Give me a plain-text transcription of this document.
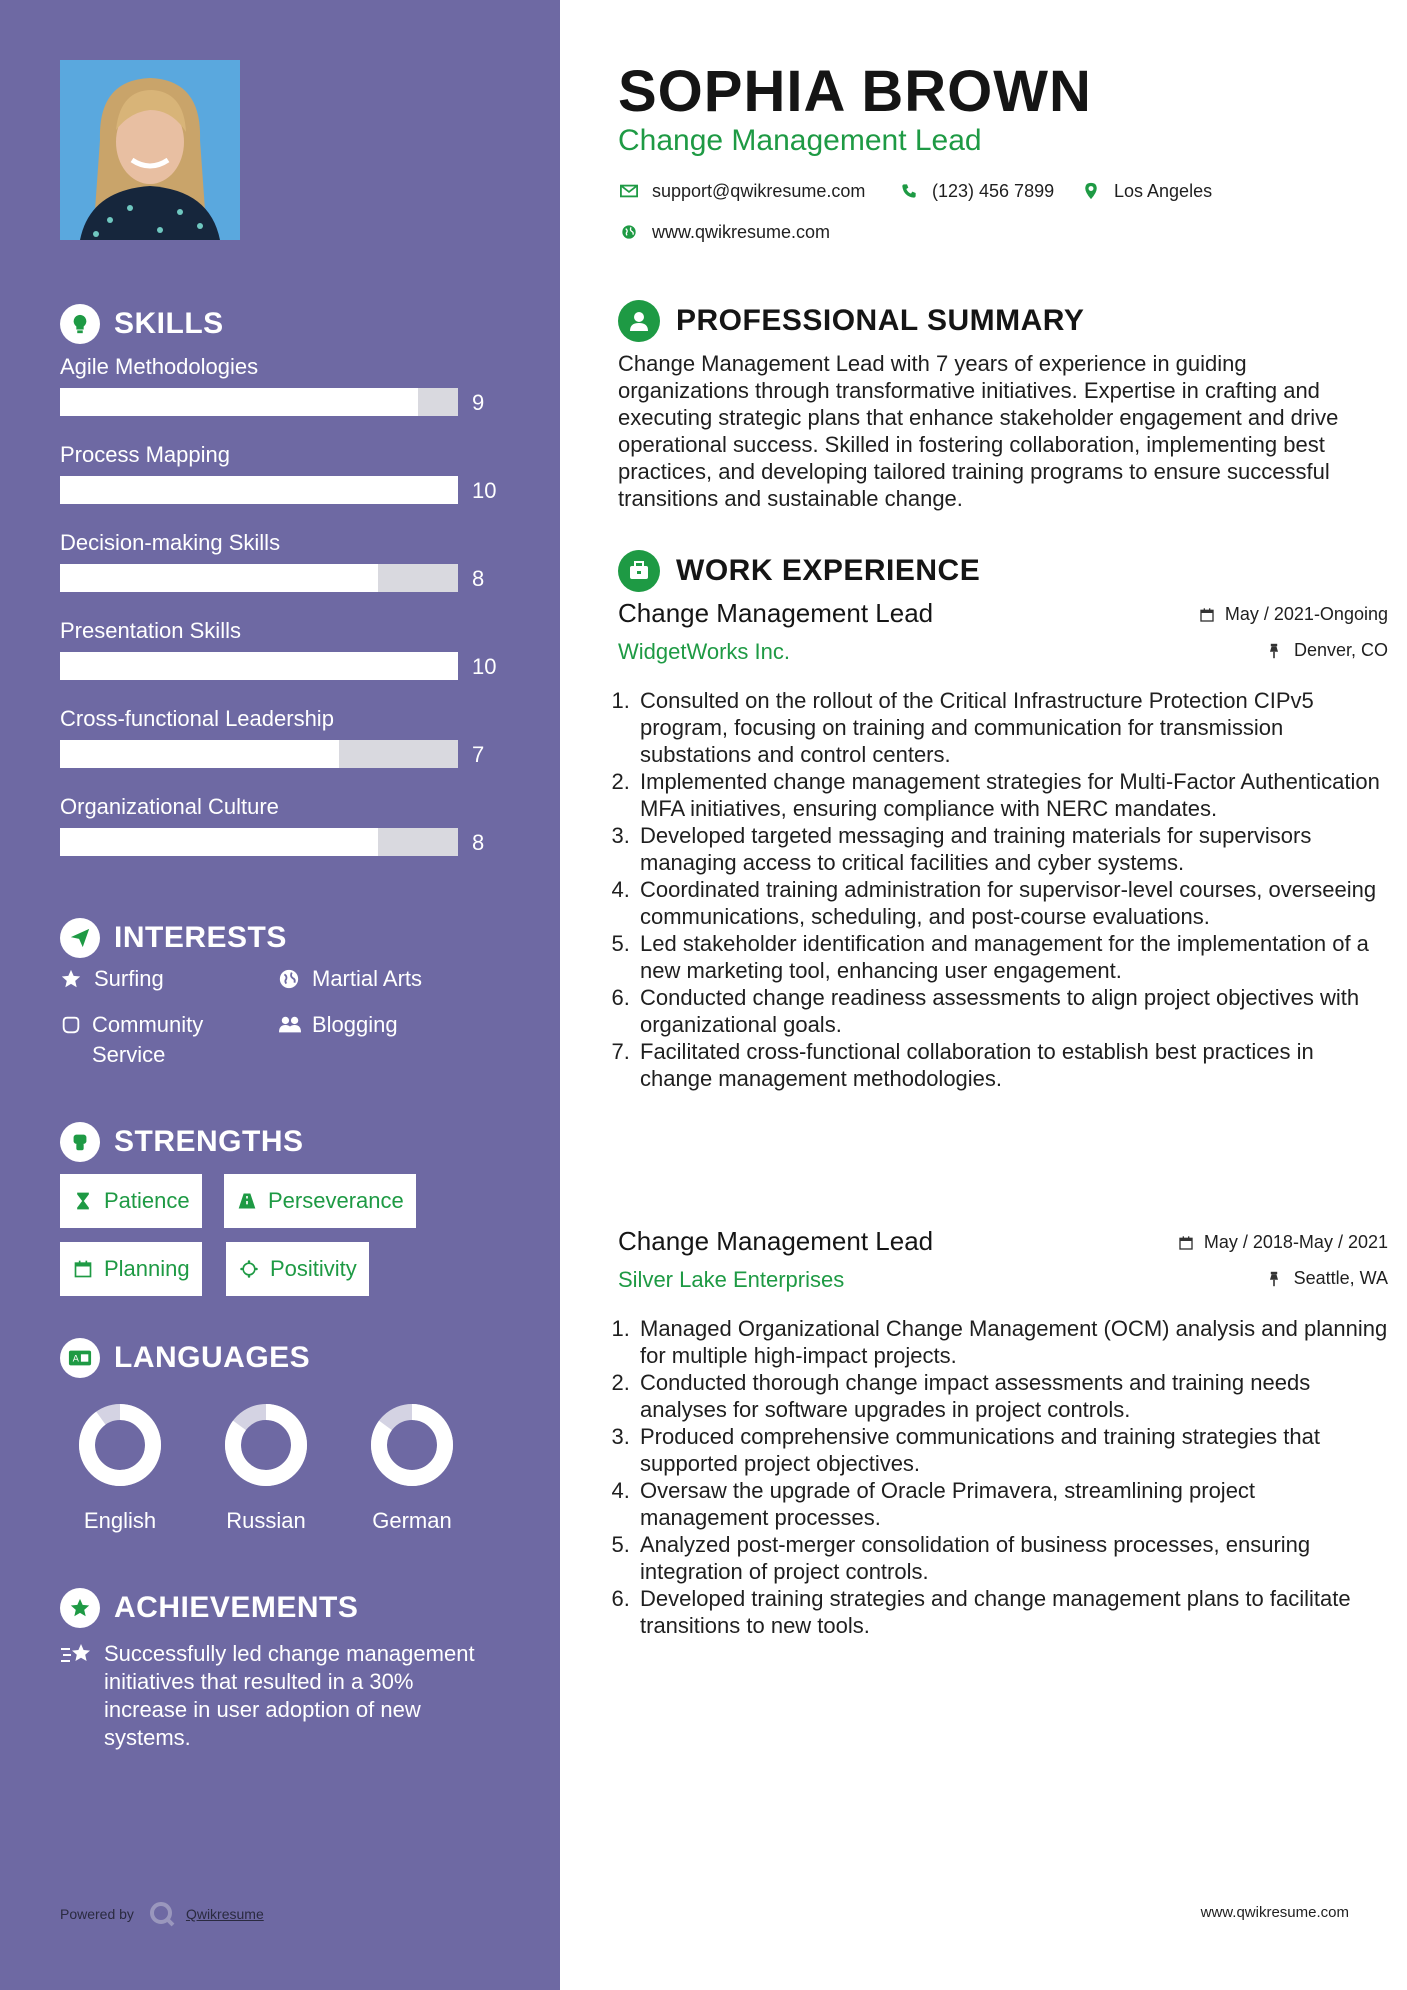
SKILLS
Agile Methodologies
9
Process Mapping
10
Decision-making Skills
8
Presentation Skills
10
Cross-functional Leadership
7
Organizational Culture
8
INTERESTS
Surfing	Martial Arts
Community Service
Blogging
STRENGTHS
Patience	Perseverance
Planning	Positivity
A LANGUAGES
English	Russian	German
ACHIEVEMENTS
Successfully led change management initiatives that resulted in a 30% increase in user adoption of new systems.
Powered by	Qwikresume
SOPHIA BROWN
Change Management Lead
support@qwikresume.com	(123) 456 7899	Los Angeles
www.qwikresume.com
PROFESSIONAL SUMMARY
Change Management Lead with 7 years of experience in guiding organizations through transformative initiatives. Expertise in crafting and executing strategic plans that enhance stakeholder engagement and drive operational success. Skilled in fostering collaboration, implementing best practices, and developing tailored training programs to ensure successful transitions and sustainable change.
WORK EXPERIENCE
Change Management Lead	May / 2021-Ongoing
WidgetWorks Inc.	Denver, CO
1. Consulted on the rollout of the Critical Infrastructure Protection CIPv5 program, focusing on training and communication for transmission substations and control centers.
2. Implemented change management strategies for Multi-Factor Authentication MFA initiatives, ensuring compliance with NERC mandates.
3. Developed targeted messaging and training materials for supervisors managing access to critical facilities and cyber systems.
4. Coordinated training administration for supervisor-level courses, overseeing communications, scheduling, and post-course evaluations.
5. Led stakeholder identification and management for the implementation of a new marketing tool, enhancing user engagement.
6. Conducted change readiness assessments to align project objectives with organizational goals.
7. Facilitated cross-functional collaboration to establish best practices in change management methodologies.
Change Management Lead	May / 2018-May / 2021
Silver Lake Enterprises	Seattle, WA
1. Managed Organizational Change Management (OCM) analysis and planning for multiple high-impact projects.
2. Conducted thorough change impact assessments and training needs analyses for software upgrades in project controls.
3. Produced comprehensive communications and training strategies that supported project objectives.
4. Oversaw the upgrade of Oracle Primavera, streamlining project management processes.
5. Analyzed post-merger consolidation of business processes, ensuring integration of project controls.
6. Developed training strategies and change management plans to facilitate transitions to new tools.
www.qwikresume.com
